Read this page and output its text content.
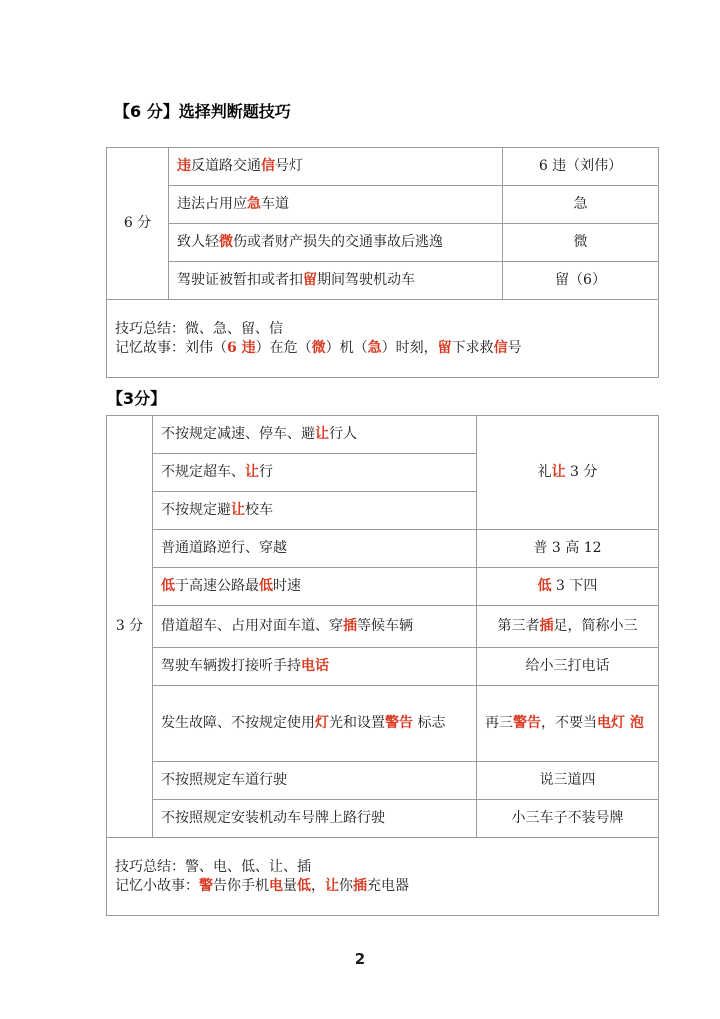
【6 分】选择判断题技巧
6 分	违反道路交通信号灯	6 违（刘伟）
	违法占用应急车道	急
	致人轻微伤或者财产损失的交通事故后逃逸	微
	驾驶证被暂扣或者扣留期间驾驶机动车	留（6）

技巧总结：微、急、留、信
记忆故事：刘伟（6 违）在危（微）机（急）时刻，留下求救信号		
【3分】
3 分	不按规定减速、停车、避让行人	礼让 3 分
	不规定超车、让行	
	不按规定避让校车	
	普通道路逆行、穿越	普 3 高 12
	低于高速公路最低时速	低 3 下四
	借道超车、占用对面车道、穿插等候车辆	第三者插足，简称小三
	驾驶车辆拨打接听手持电话	给小三打电话
	发生故障、不按规定使用灯光和设置警告 标志	再三警告，不要当电灯 泡
	不按照规定车道行驶	说三道四
	不按照规定安装机动车号牌上路行驶	小三车子不装号牌

技巧总结：警、电、低、让、插
记忆小故事：警告你手机电量低，让你插充电器		
2
